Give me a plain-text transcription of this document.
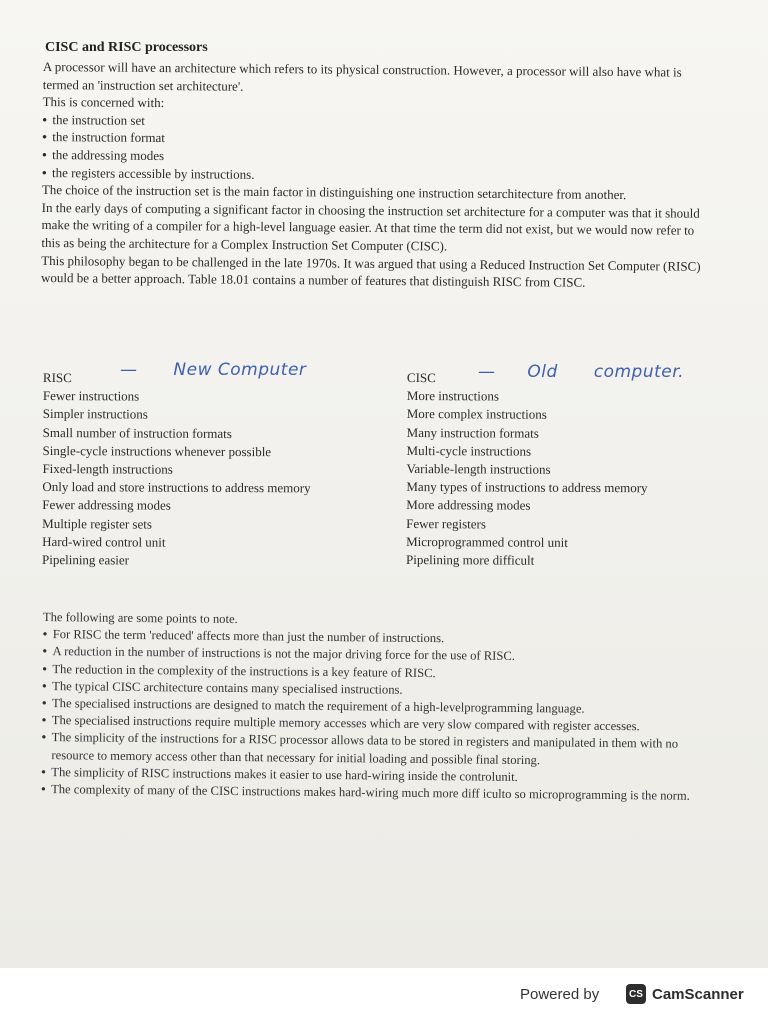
CISC and RISC processors

A processor will have an architecture which refers to its physical construction. However, a processor will also have what is termed an 'instruction set architecture'.

This is concerned with:

• the instruction set
• the instruction format
• the addressing modes
• the registers accessible by instructions.

The choice of the instruction set is the main factor in distinguishing one instruction setarchitecture from another.

In the early days of computing a significant factor in choosing the instruction set architecture for a computer was that it should make the writing of a compiler for a high-level language easier. At that time the term did not exist, but we would now refer to this as being the architecture for a Complex Instruction Set Computer (CISC).

This philosophy began to be challenged in the late 1970s. It was argued that using a Reduced Instruction Set Computer (RISC) would be a better approach. Table 18.01 contains a number of features that distinguish RISC from CISC.

— New Computer	— Old computer.
RISC
Fewer instructions
Simpler instructions
Small number of instruction formats
Single-cycle instructions whenever possible
Fixed-length instructions
Only load and store instructions to address memory
Fewer addressing modes
Multiple register sets
Hard-wired control unit
Pipelining easier
CISC
More instructions
More complex instructions
Many instruction formats
Multi-cycle instructions
Variable-length instructions
Many types of instructions to address memory
More addressing modes
Fewer registers
Microprogrammed control unit
Pipelining more difficult

The following are some points to note.

• For RISC the term 'reduced' affects more than just the number of instructions.
• A reduction in the number of instructions is not the major driving force for the use of RISC.
• The reduction in the complexity of the instructions is a key feature of RISC.
• The typical CISC architecture contains many specialised instructions.
• The specialised instructions are designed to match the requirement of a high-levelprogramming language.
• The specialised instructions require multiple memory accesses which are very slow compared with register accesses.
• The simplicity of the instructions for a RISC processor allows data to be stored in registers and manipulated in them with no resource to memory access other than that necessary for initial loading and possible final storing.
• The simplicity of RISC instructions makes it easier to use hard-wiring inside the controlunit.
• The complexity of many of the CISC instructions makes hard-wiring much more diff iculto so microprogramming is the norm.
Powered by	CS CamScanner
